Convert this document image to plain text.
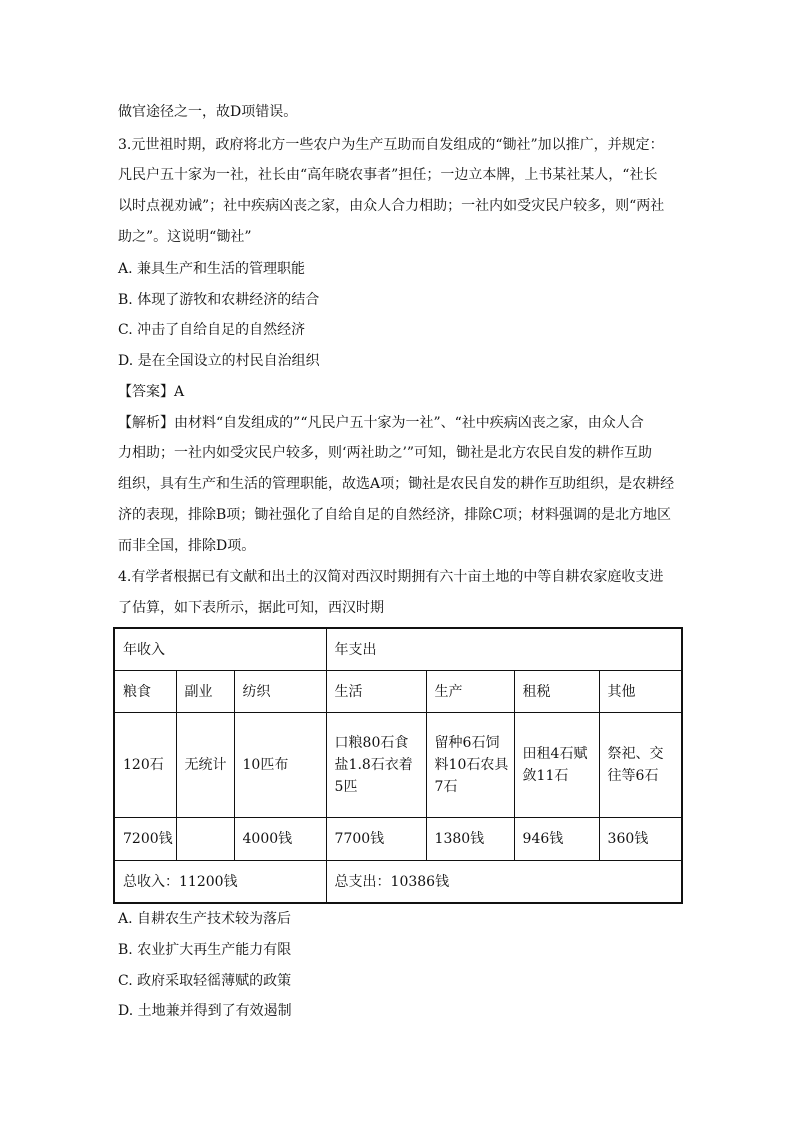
做官途径之一，故D项错误。
3.元世祖时期，政府将北方一些农户为生产互助而自发组成的“锄社”加以推广，并规定：
凡民户五十家为一社，社长由“高年晓农事者”担任；一边立本牌，上书某社某人，“社长
以时点视劝诫”；社中疾病凶丧之家，由众人合力相助；一社内如受灾民户较多，则“两社
助之”。这说明“锄社”
A. 兼具生产和生活的管理职能
B. 体现了游牧和农耕经济的结合
C. 冲击了自给自足的自然经济
D. 是在全国设立的村民自治组织
【答案】A
【解析】由材料“自发组成的”“凡民户五十家为一社”、“社中疾病凶丧之家，由众人合
力相助；一社内如受灾民户较多，则‘两社助之’”可知，锄社是北方农民自发的耕作互助
组织，具有生产和生活的管理职能，故选A项；锄社是农民自发的耕作互助组织，是农耕经
济的表现，排除B项；锄社强化了自给自足的自然经济，排除C项；材料强调的是北方地区
而非全国，排除D项。
4.有学者根据已有文献和出土的汉简对西汉时期拥有六十亩土地的中等自耕农家庭收支进
了估算，如下表所示，据此可知，西汉时期
年收入			年支出			
粮食	副业	纺织	生活	生产	租税	其他

120石	无统计	10匹布	口粮80石食盐1.8石衣着5匹	留种6石饲料10石农具7石	田租4石赋敛11石	祭祀、交往等6石

7200钱		4000钱	7700钱	1380钱	946钱	360钱
总收入：11200钱			总支出：10386钱			
A. 自耕农生产技术较为落后
B. 农业扩大再生产能力有限
C. 政府采取轻徭薄赋的政策
D. 土地兼并得到了有效遏制
